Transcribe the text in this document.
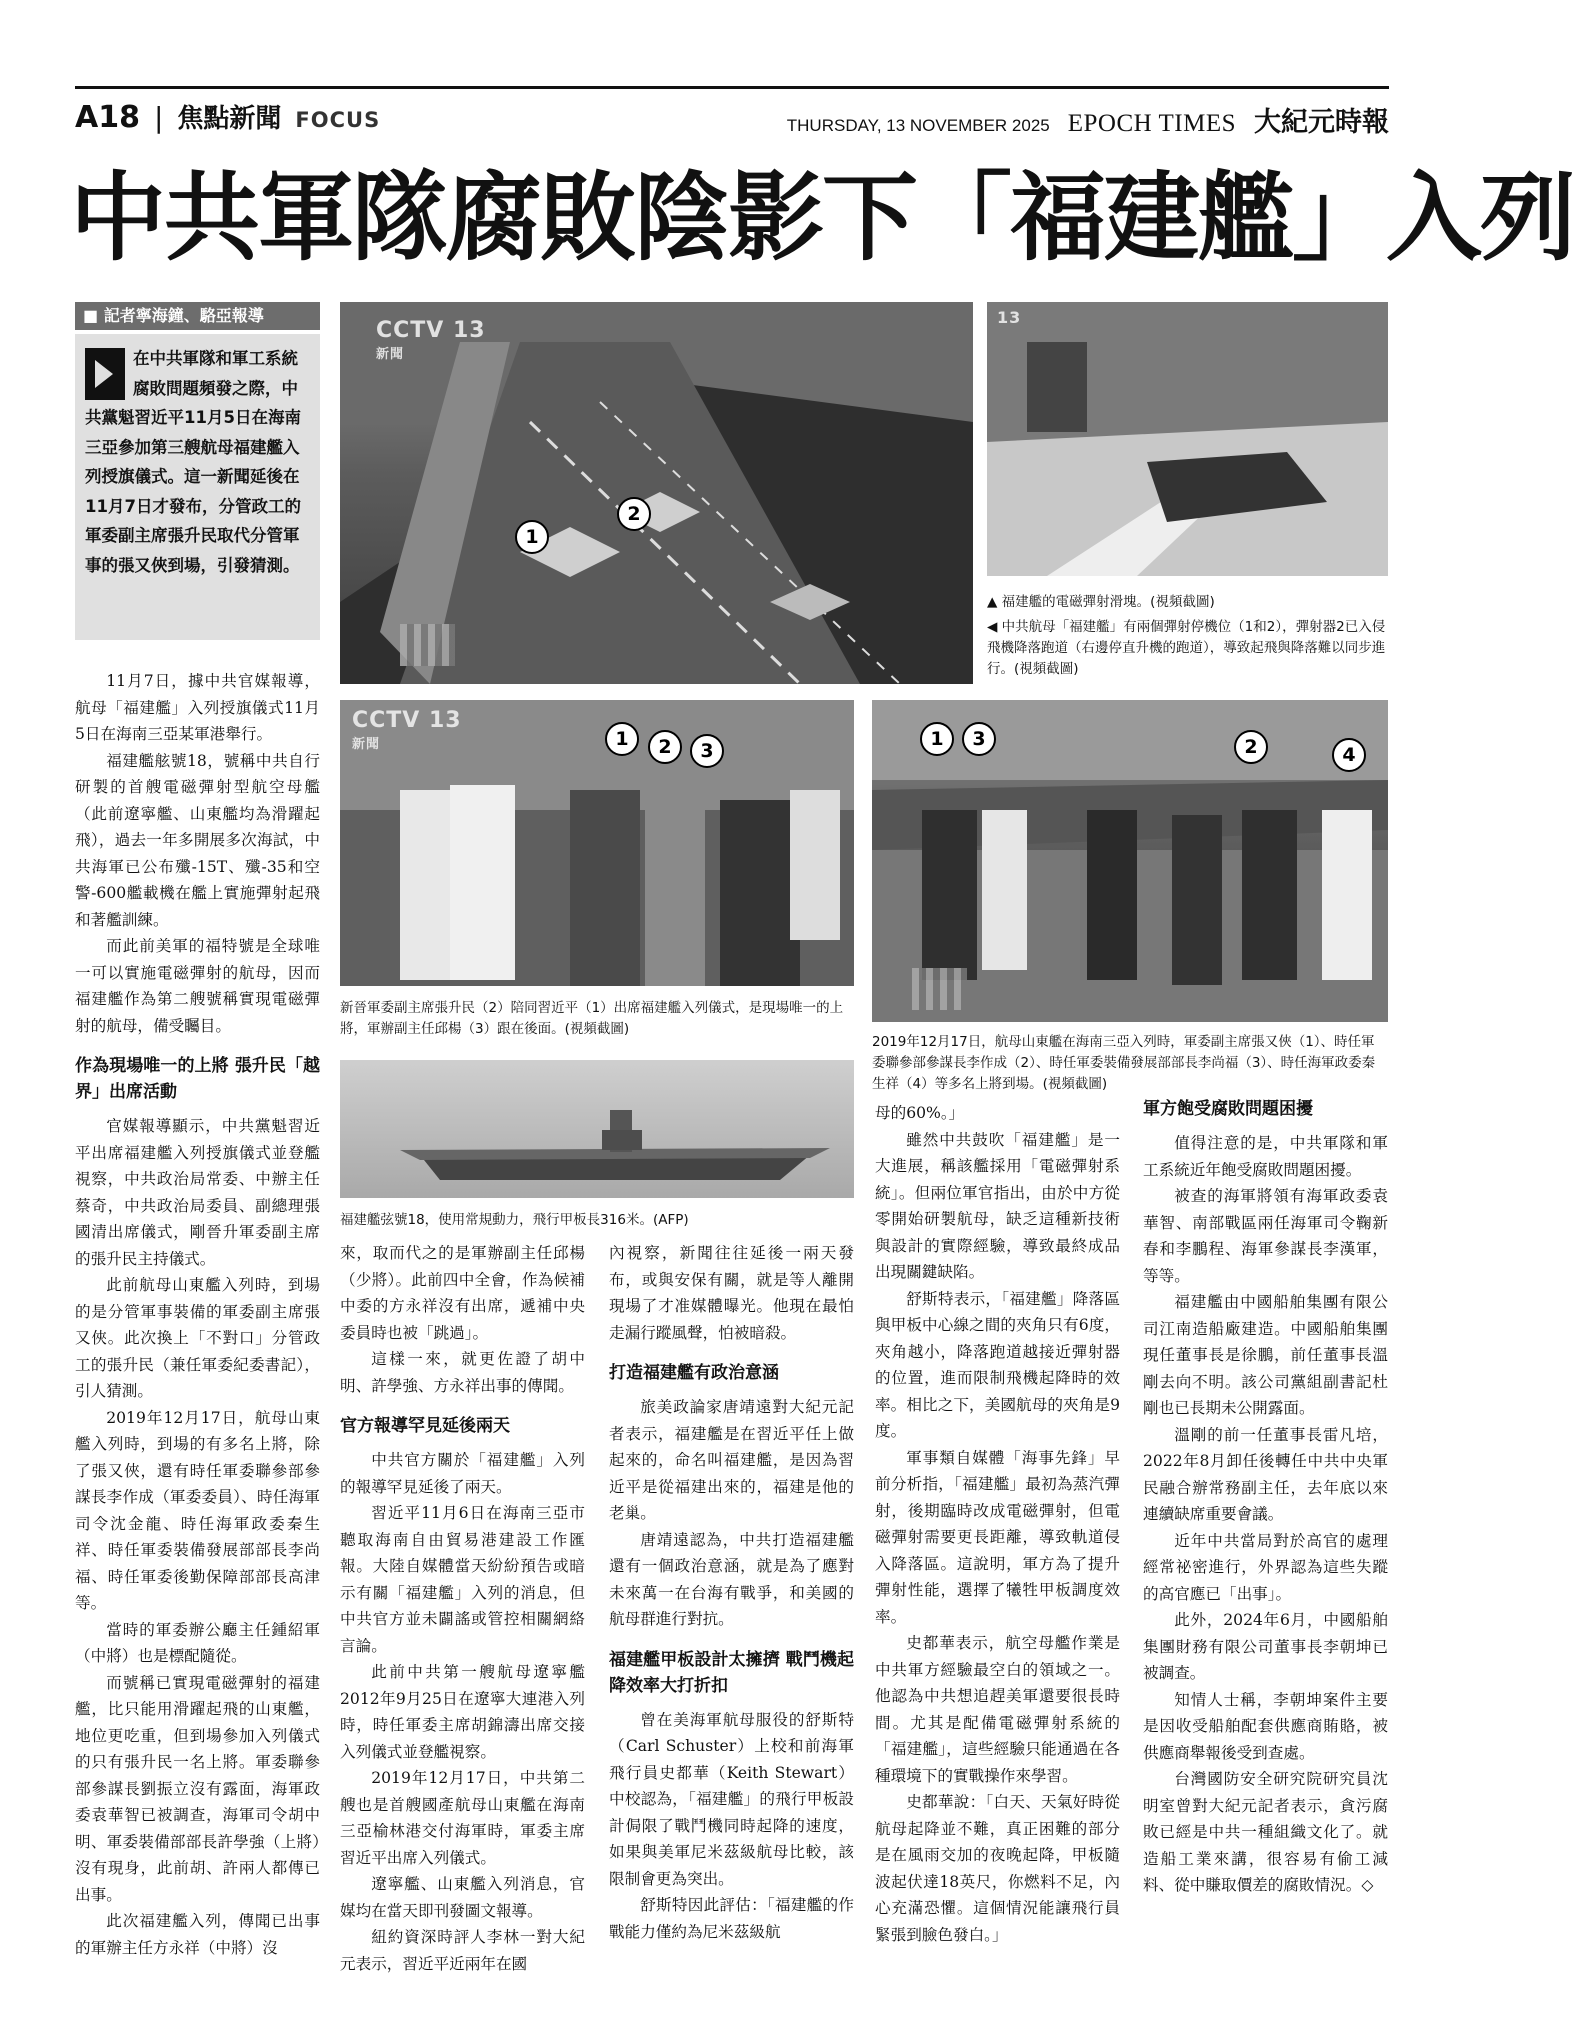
A18 | 焦點新聞 FOCUS	THURSDAY, 13 NOVEMBER 2025 EPOCH TIMES 大紀元時報
中共軍隊腐敗陰影下「福建艦」入列
■ 記者寧海鐘、駱亞報導
在中共軍隊和軍工系統腐敗問題頻發之際，中共黨魁習近平11月5日在海南三亞參加第三艘航母福建艦入列授旗儀式。這一新聞延後在11月7日才發布，分管政工的軍委副主席張升民取代分管軍事的張又俠到場，引發猜測。
CCTV 13
新聞
1
2
13
▲ 福建艦的電磁彈射滑塊。(視頻截圖)
◀ 中共航母「福建艦」有兩個彈射停機位（1和2），彈射器2已入侵飛機降落跑道（右邊停直升機的跑道），導致起飛與降落難以同步進行。(視頻截圖)
CCTV 13
新聞	1	2	3
新晉軍委副主席張升民（2）陪同習近平（1）出席福建艦入列儀式，是現場唯一的上將，軍辦副主任邱楊（3）跟在後面。(視頻截圖)
1	3	2	4
2019年12月17日，航母山東艦在海南三亞入列時，軍委副主席張又俠（1）、時任軍委聯參部參謀長李作成（2）、時任軍委裝備發展部部長李尚福（3）、時任海軍政委秦生祥（4）等多名上將到場。(視頻截圖)
福建艦弦號18，使用常規動力，飛行甲板長316米。(AFP)

11月7日，據中共官媒報導，航母「福建艦」入列授旗儀式11月5日在海南三亞某軍港舉行。

福建艦舷號18，號稱中共自行研製的首艘電磁彈射型航空母艦（此前遼寧艦、山東艦均為滑躍起飛），過去一年多開展多次海試，中共海軍已公布殲-15T、殲-35和空警-600艦載機在艦上實施彈射起飛和著艦訓練。

而此前美軍的福特號是全球唯一可以實施電磁彈射的航母，因而福建艦作為第二艘號稱實現電磁彈射的航母，備受矚目。

作為現場唯一的上將 張升民「越界」出席活動

官媒報導顯示，中共黨魁習近平出席福建艦入列授旗儀式並登艦視察，中共政治局常委、中辦主任蔡奇，中共政治局委員、副總理張國清出席儀式，剛晉升軍委副主席的張升民主持儀式。

此前航母山東艦入列時，到場的是分管軍事裝備的軍委副主席張又俠。此次換上「不對口」分管政工的張升民（兼任軍委紀委書記），引人猜測。

2019年12月17日，航母山東艦入列時，到場的有多名上將，除了張又俠，還有時任軍委聯參部參謀長李作成（軍委委員）、時任海軍司令沈金龍、時任海軍政委秦生祥、時任軍委裝備發展部部長李尚福、時任軍委後勤保障部部長高津等。

當時的軍委辦公廳主任鍾紹軍（中將）也是標配隨從。

而號稱已實現電磁彈射的福建艦，比只能用滑躍起飛的山東艦，地位更吃重，但到場參加入列儀式的只有張升民一名上將。軍委聯參部參謀長劉振立沒有露面，海軍政委袁華智已被調查，海軍司令胡中明、軍委裝備部部長許學強（上將）沒有現身，此前胡、許兩人都傳已出事。

此次福建艦入列，傳聞已出事的軍辦主任方永祥（中將）沒

來，取而代之的是軍辦副主任邱楊（少將）。此前四中全會，作為候補中委的方永祥沒有出席，遞補中央委員時也被「跳過」。

這樣一來，就更佐證了胡中明、許學強、方永祥出事的傳聞。

官方報導罕見延後兩天

中共官方關於「福建艦」入列的報導罕見延後了兩天。

習近平11月6日在海南三亞市聽取海南自由貿易港建設工作匯報。大陸自媒體當天紛紛預告或暗示有關「福建艦」入列的消息，但中共官方並未闢謠或管控相關網絡言論。

此前中共第一艘航母遼寧艦2012年9月25日在遼寧大連港入列時，時任軍委主席胡錦濤出席交接入列儀式並登艦視察。

2019年12月17日，中共第二艘也是首艘國產航母山東艦在海南三亞榆林港交付海軍時，軍委主席習近平出席入列儀式。

遼寧艦、山東艦入列消息，官媒均在當天即刊發圖文報導。

紐約資深時評人李林一對大紀元表示，習近平近兩年在國

內視察，新聞往往延後一兩天發布，或與安保有關，就是等人離開現場了才准媒體曝光。他現在最怕走漏行蹤風聲，怕被暗殺。

打造福建艦有政治意涵

旅美政論家唐靖遠對大紀元記者表示，福建艦是在習近平任上做起來的，命名叫福建艦，是因為習近平是從福建出來的，福建是他的老巢。

唐靖遠認為，中共打造福建艦還有一個政治意涵，就是為了應對未來萬一在台海有戰爭，和美國的航母群進行對抗。

福建艦甲板設計太擁擠 戰鬥機起降效率大打折扣

曾在美海軍航母服役的舒斯特（Carl Schuster）上校和前海軍飛行員史都華（Keith Stewart）中校認為，「福建艦」的飛行甲板設計侷限了戰鬥機同時起降的速度，如果與美軍尼米茲級航母比較，該限制會更為突出。

舒斯特因此評估：「福建艦的作戰能力僅約為尼米茲級航

母的60%。」

雖然中共鼓吹「福建艦」是一大進展，稱該艦採用「電磁彈射系統」。但兩位軍官指出，由於中方從零開始研製航母，缺乏這種新技術與設計的實際經驗，導致最終成品出現關鍵缺陷。

舒斯特表示，「福建艦」降落區與甲板中心線之間的夾角只有6度，夾角越小，降落跑道越接近彈射器的位置，進而限制飛機起降時的效率。相比之下，美國航母的夾角是9度。

軍事類自媒體「海事先鋒」早前分析指，「福建艦」最初為蒸汽彈射，後期臨時改成電磁彈射，但電磁彈射需要更長距離，導致軌道侵入降落區。這說明，軍方為了提升彈射性能，選擇了犧牲甲板調度效率。

史都華表示，航空母艦作業是中共軍方經驗最空白的領域之一。他認為中共想追趕美軍還要很長時間。尤其是配備電磁彈射系統的「福建艦」，這些經驗只能通過在各種環境下的實戰操作來學習。

史都華說：「白天、天氣好時從航母起降並不難，真正困難的部分是在風雨交加的夜晚起降，甲板隨波起伏達18英尺，你燃料不足，內心充滿恐懼。這個情況能讓飛行員緊張到臉色發白。」

軍方飽受腐敗問題困擾

值得注意的是，中共軍隊和軍工系統近年飽受腐敗問題困擾。

被查的海軍將領有海軍政委袁華智、南部戰區兩任海軍司令鞠新春和李鵬程、海軍參謀長李漢軍，等等。

福建艦由中國船舶集團有限公司江南造船廠建造。中國船舶集團現任董事長是徐鵬，前任董事長溫剛去向不明。該公司黨組副書記杜剛也已長期未公開露面。

溫剛的前一任董事長雷凡培，2022年8月卸任後轉任中共中央軍民融合辦常務副主任，去年底以來連續缺席重要會議。

近年中共當局對於高官的處理經常祕密進行，外界認為這些失蹤的高官應已「出事」。

此外，2024年6月，中國船舶集團財務有限公司董事長李朝坤已被調查。

知情人士稱，李朝坤案件主要是因收受船舶配套供應商賄賂，被供應商舉報後受到查處。

台灣國防安全研究院研究員沈明室曾對大紀元記者表示，貪污腐敗已經是中共一種組織文化了。就造船工業來講，很容易有偷工減料、從中賺取價差的腐敗情況。◇
